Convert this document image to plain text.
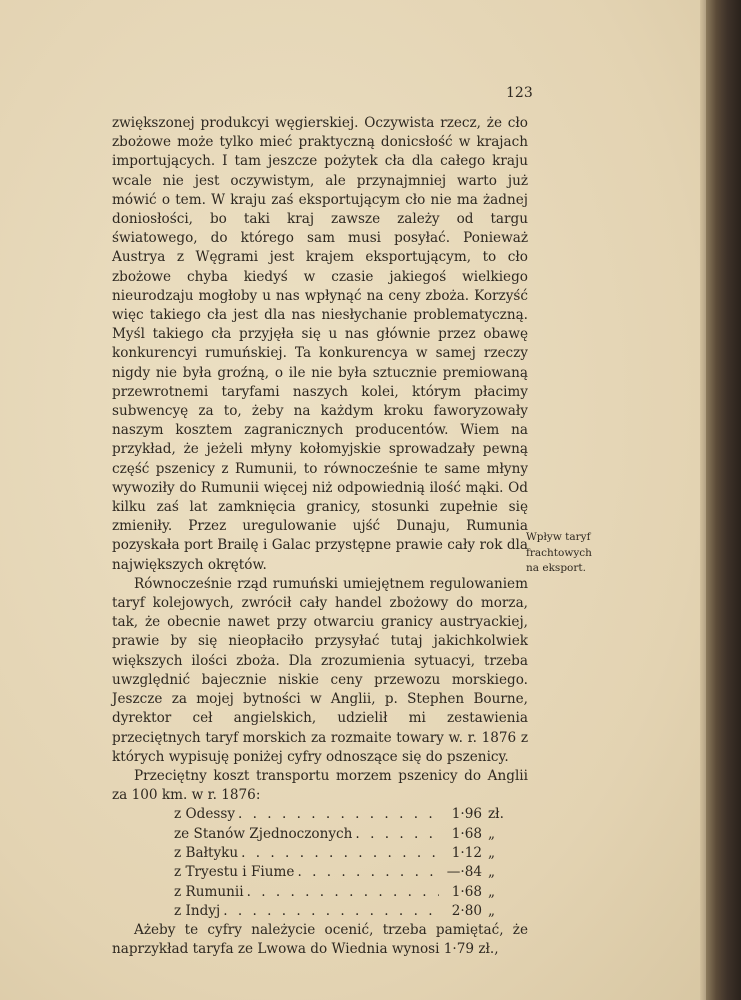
123

zwiększonej produkcyi węgierskiej. Oczywista rzecz, że cło zbożowe może tylko mieć praktyczną donicsłość w krajach importujących. I tam jeszcze pożytek cła dla całego kraju wcale nie jest oczywistym, ale przynajmniej warto już mówić o tem. W kraju zaś eksportującym cło nie ma żadnej doniosłości, bo taki kraj zawsze zależy od targu światowego, do którego sam musi posyłać. Ponieważ Austrya z Węgrami jest krajem eksportującym, to cło zbożowe chyba kiedyś w czasie jakiegoś wielkiego nieurodzaju mogłoby u nas wpłynąć na ceny zboża. Korzyść więc takiego cła jest dla nas niesłychanie problematyczną. Myśl takiego cła przyjęła się u nas głównie przez obawę konkurencyi rumuńskiej. Ta konkurencya w samej rzeczy nigdy nie była groźną, o ile nie była sztucznie premiowaną przewrotnemi taryfami naszych kolei, którym płacimy subwencyę za to, żeby na każdym kroku faworyzowały naszym kosztem zagranicznych producentów. Wiem na przykład, że jeżeli młyny kołomyjskie sprowadzały pewną część pszenicy z Rumunii, to równocześnie te same młyny wywoziły do Rumunii więcej niż odpowiednią ilość mąki. Od kilku zaś lat zamknięcia granicy, stosunki zupełnie się zmieniły. Przez uregulowanie ujść Dunaju, Rumunia pozyskała port Brailę i Galac przystępne prawie cały rok dla największych okrętów.

Równocześnie rząd rumuński umiejętnem regulowaniem taryf kolejowych, zwrócił cały handel zbożowy do morza, tak, że obecnie nawet przy otwarciu granicy austryackiej, prawie by się nieopłaciło przysyłać tutaj jakichkolwiek większych ilości zboża. Dla zrozumienia sytuacyi, trzeba uwzględnić bajecznie niskie ceny przewozu morskiego. Jeszcze za mojej bytności w Anglii, p. Stephen Bourne, dyrektor ceł angielskich, udzielił mi zestawienia przeciętnych taryf morskich za rozmaite towary w. r. 1876 z których wypisuję poniżej cyfry odnoszące się do pszenicy.

Przeciętny koszt transportu morzem pszenicy do Anglii za 100 km. w r. 1876:

z Odessy . . .	1·96 zł.
ze Stanów Zjednoczonych . . .	1·68 „
z Bałtyku . . .	1·12 „
z Tryestu i Fiume . . .	—·84 „
z Rumunii . . .	1·68 „
z Indyj . . .	2·80 „

Ażeby te cyfry należycie ocenić, trzeba pamiętać, że naprzykład taryfa ze Lwowa do Wiednia wynosi 1·79 zł.,

Wpływ taryf
frachtowych
na eksport.
